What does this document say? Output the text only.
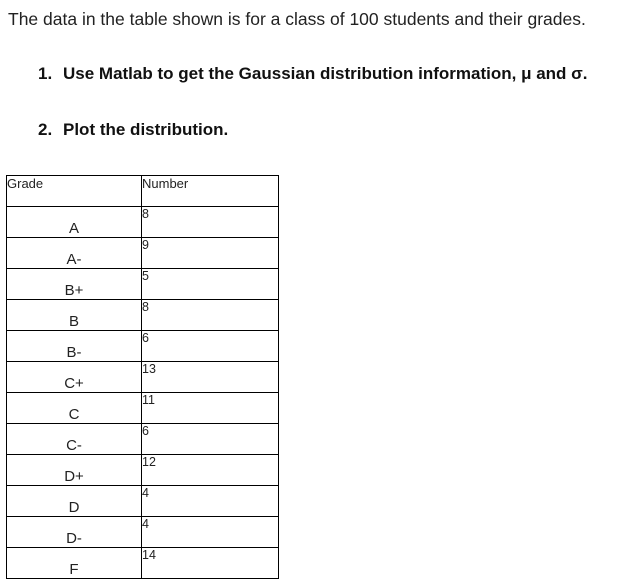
The data in the table shown is for a class of 100 students and their grades.
1. Use Matlab to get the Gaussian distribution information, μ and σ.
2. Plot the distribution.
Grade	Number
A	8
A-	9
B+	5
B	8
B-	6
C+	13
C	11
C-	6
D+	12
D	4
D-	4
F	14
